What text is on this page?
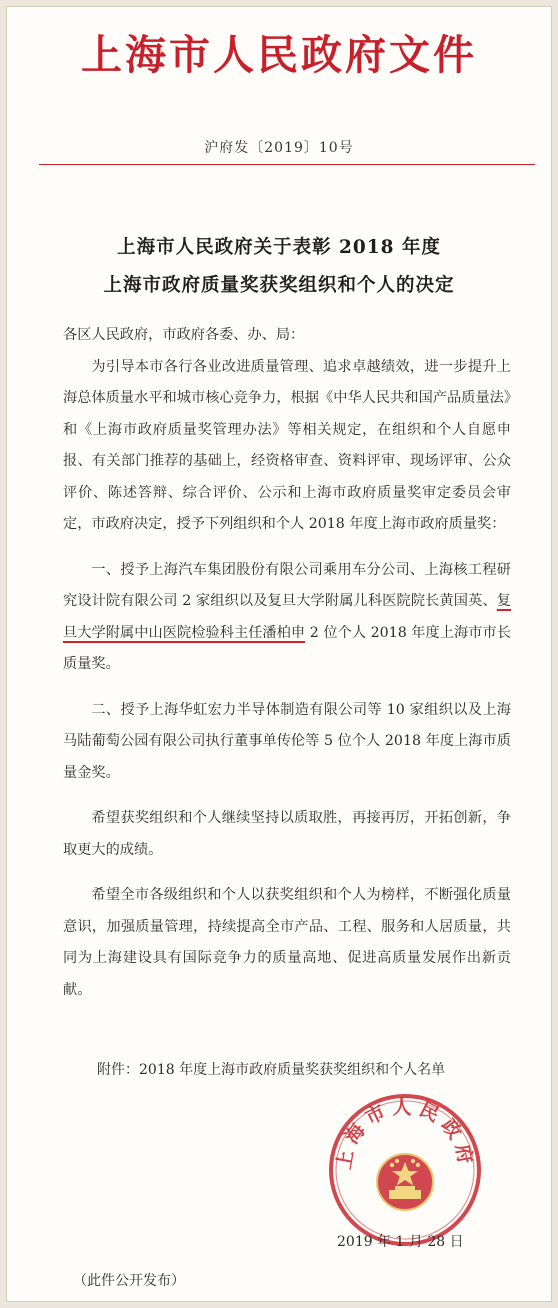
上海市人民政府文件
沪府发〔2019〕10号
上海市人民政府关于表彰 2018 年度
上海市政府质量奖获奖组织和个人的决定

各区人民政府，市政府各委、办、局：

为引导本市各行各业改进质量管理、追求卓越绩效，进一步提升上海总体质量水平和城市核心竞争力，根据《中华人民共和国产品质量法》和《上海市政府质量奖管理办法》等相关规定，在组织和个人自愿申报、有关部门推荐的基础上，经资格审查、资料评审、现场评审、公众评价、陈述答辩、综合评价、公示和上海市政府质量奖审定委员会审定，市政府决定，授予下列组织和个人 2018 年度上海市政府质量奖：

一、授予上海汽车集团股份有限公司乘用车分公司、上海核工程研究设计院有限公司 2 家组织以及复旦大学附属儿科医院院长黄国英、复旦大学附属中山医院检验科主任潘柏申 2 位个人 2018 年度上海市市长质量奖。

二、授予上海华虹宏力半导体制造有限公司等 10 家组织以及上海马陆葡萄公园有限公司执行董事单传伦等 5 位个人 2018 年度上海市质量金奖。

希望获奖组织和个人继续坚持以质取胜，再接再厉，开拓创新，争取更大的成绩。

希望全市各级组织和个人以获奖组织和个人为榜样，不断强化质量意识，加强质量管理，持续提高全市产品、工程、服务和人居质量，共同为上海建设具有国际竞争力的质量高地、促进高质量发展作出新贡献。

附件：2018 年度上海市政府质量奖获奖组织和个人名单
上海市人民政府
2019 年 1 月 28 日
（此件公开发布）
